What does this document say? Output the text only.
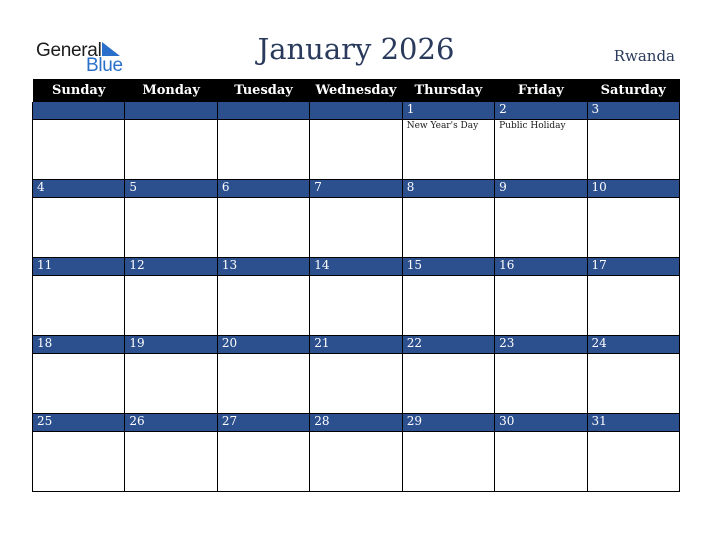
General
Blue	January 2026	Rwanda
Sunday	Monday	Tuesday	Wednesday	Thursday	Friday	Saturday
				1	2	3

				New Year's Day	Public Holiday	

4	5	6	7	8	9	10

11	12	13	14	15	16	17

18	19	20	21	22	23	24

25	26	27	28	29	30	31
